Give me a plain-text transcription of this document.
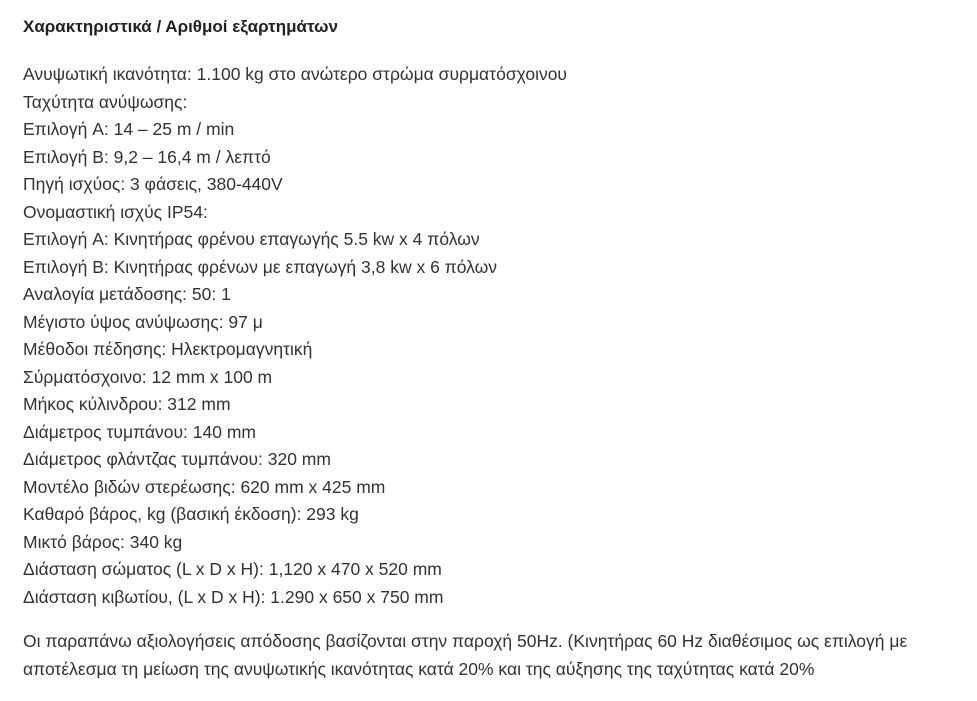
Χαρακτηριστικά / Αριθμοί εξαρτημάτων
Ανυψωτική ικανότητα: 1.100 kg στο ανώτερο στρώμα συρματόσχοινου
Ταχύτητα ανύψωσης:
Επιλογή A: 14 – 25 m / min
Επιλογή B: 9,2 – 16,4 m / λεπτό
Πηγή ισχύος: 3 φάσεις, 380-440V
Ονομαστική ισχύς IP54:
Επιλογή A: Κινητήρας φρένου επαγωγής 5.5 kw x 4 πόλων
Επιλογή B: Κινητήρας φρένων με επαγωγή 3,8 kw x 6 πόλων
Αναλογία μετάδοσης: 50: 1
Μέγιστο ύψος ανύψωσης: 97 μ
Μέθοδοι πέδησης: Ηλεκτρομαγνητική
Σύρματόσχοινο: 12 mm x 100 m
Μήκος κύλινδρου: 312 mm
Διάμετρος τυμπάνου: 140 mm
Διάμετρος φλάντζας τυμπάνου: 320 mm
Μοντέλο βιδών στερέωσης: 620 mm x 425 mm
Καθαρό βάρος, kg (βασική έκδοση): 293 kg
Μικτό βάρος: 340 kg
Διάσταση σώματος (L x D x H): 1,120 x 470 x 520 mm
Διάσταση κιβωτίου, (L x D x H): 1.290 x 650 x 750 mm

Οι παραπάνω αξιολογήσεις απόδοσης βασίζονται στην παροχή 50Hz. (Κινητήρας 60 Hz διαθέσιμος ως επιλογή με
αποτέλεσμα τη μείωση της ανυψωτικής ικανότητας κατά 20% και της αύξησης της ταχύτητας κατά 20%
